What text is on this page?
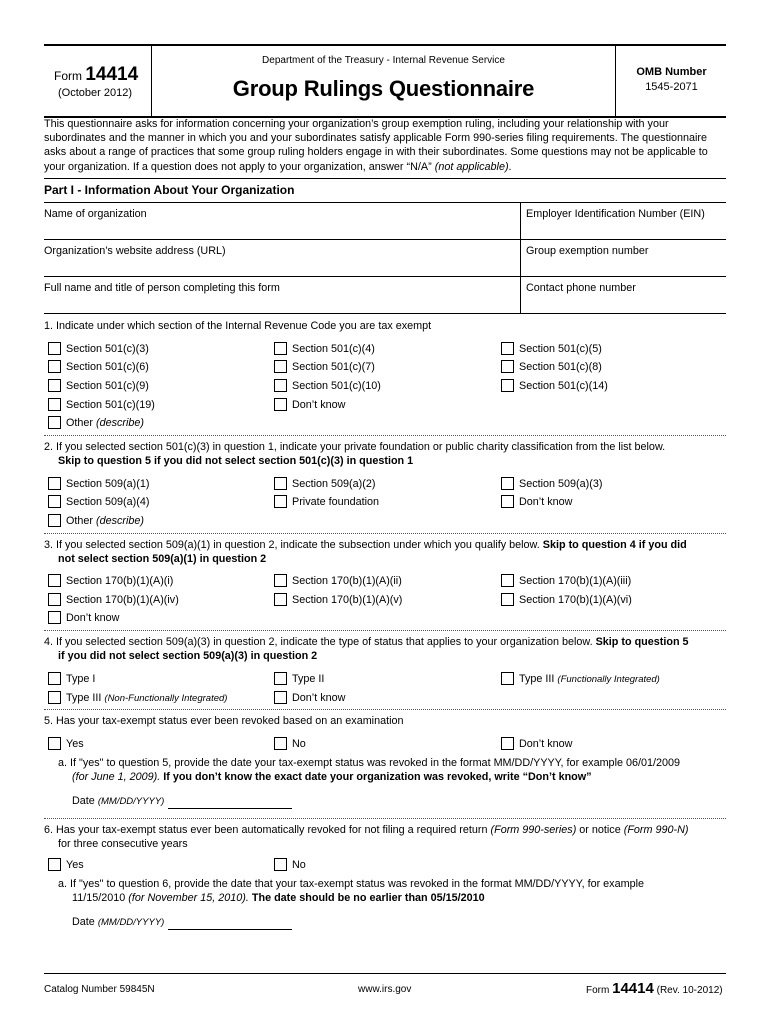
Form 14414
(October 2012)
Department of the Treasury - Internal Revenue Service
Group Rulings Questionnaire
OMB Number
1545-2071
This questionnaire asks for information concerning your organization’s group exemption ruling, including your relationship with your subordinates and the manner in which you and your subordinates satisfy applicable Form 990-series filing requirements. The questionnaire asks about a range of practices that some group ruling holders engage in with their subordinates. Some questions may not be applicable to your organization. If a question does not apply to your organization, answer “N/A” (not applicable).
Part I - Information About Your Organization
Name of organization	Employer Identification Number (EIN)
Organization’s website address (URL)	Group exemption number
Full name and title of person completing this form	Contact phone number
1. Indicate under which section of the Internal Revenue Code you are tax exempt
Section 501(c)(3)	Section 501(c)(4)	Section 501(c)(5)
Section 501(c)(6)	Section 501(c)(7)	Section 501(c)(8)
Section 501(c)(9)	Section 501(c)(10)	Section 501(c)(14)
Section 501(c)(19)	Don’t know
Other (describe)
2. If you selected section 501(c)(3) in question 1, indicate your private foundation or public charity classification from the list below.
Skip to question 5 if you did not select section 501(c)(3) in question 1
Section 509(a)(1)	Section 509(a)(2)	Section 509(a)(3)
Section 509(a)(4)	Private foundation	Don’t know
Other (describe)
3. If you selected section 509(a)(1) in question 2, indicate the subsection under which you qualify below. Skip to question 4 if you did
not select section 509(a)(1) in question 2
Section 170(b)(1)(A)(i)	Section 170(b)(1)(A)(ii)	Section 170(b)(1)(A)(iii)
Section 170(b)(1)(A)(iv)	Section 170(b)(1)(A)(v)	Section 170(b)(1)(A)(vi)
Don’t know
4. If you selected section 509(a)(3) in question 2, indicate the type of status that applies to your organization below. Skip to question 5
if you did not select section 509(a)(3) in question 2
Type I	Type II	Type III (Functionally Integrated)
Type III (Non-Functionally Integrated)	Don’t know
5. Has your tax-exempt status ever been revoked based on an examination
Yes	No	Don’t know
a. If "yes" to question 5, provide the date your tax-exempt status was revoked in the format MM/DD/YYYY, for example 06/01/2009
(for June 1, 2009). If you don’t know the exact date your organization was revoked, write “Don’t know”
Date (MM/DD/YYYY)
6. Has your tax-exempt status ever been automatically revoked for not filing a required return (Form 990-series) or notice (Form 990-N)
for three consecutive years
Yes	No
a. If "yes" to question 6, provide the date that your tax-exempt status was revoked in the format MM/DD/YYYY, for example
11/15/2010 (for November 15, 2010). The date should be no earlier than 05/15/2010
Date (MM/DD/YYYY)
Catalog Number 59845N	www.irs.gov	Form 14414 (Rev. 10-2012)
